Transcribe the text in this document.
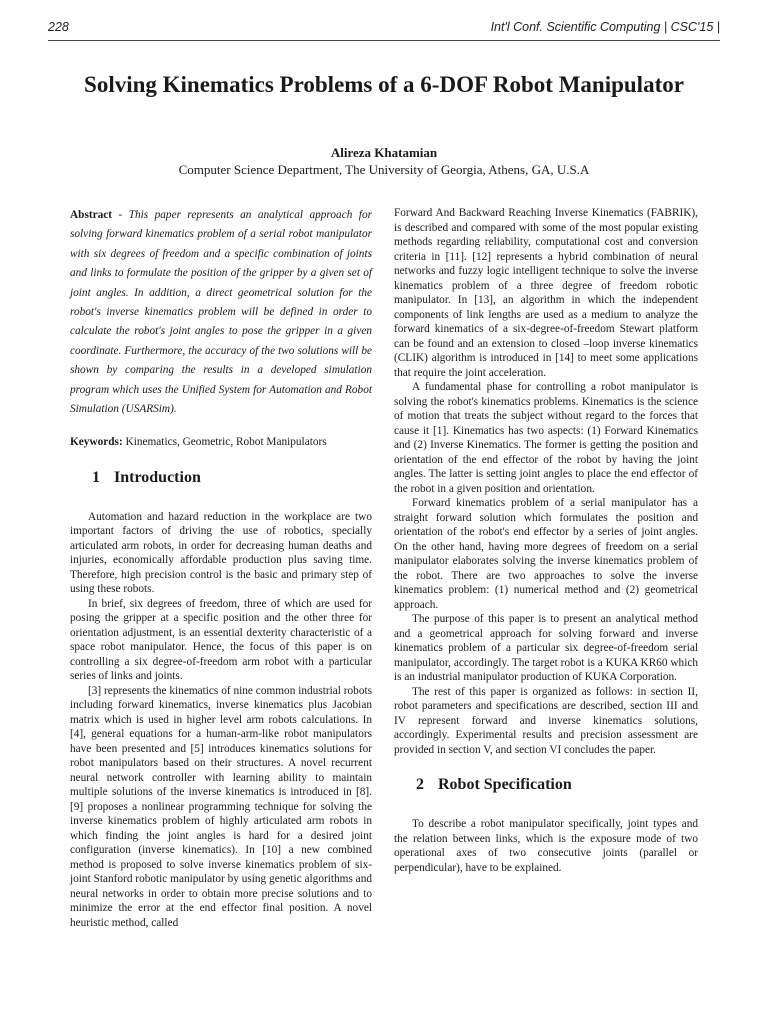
228	Int'l Conf. Scientific Computing | CSC'15 |
Solving Kinematics Problems of a 6-DOF Robot Manipulator
Alireza Khatamian
Computer Science Department, The University of Georgia, Athens, GA, U.S.A

Abstract - This paper represents an analytical approach for solving forward kinematics problem of a serial robot manipulator with six degrees of freedom and a specific combination of joints and links to formulate the position of the gripper by a given set of joint angles. In addition, a direct geometrical solution for the robot's inverse kinematics problem will be defined in order to calculate the robot's joint angles to pose the gripper in a given coordinate. Furthermore, the accuracy of the two solutions will be shown by comparing the results in a developed simulation program which uses the Unified System for Automation and Robot Simulation (USARSim).

Keywords: Kinematics, Geometric, Robot Manipulators

1 Introduction

Automation and hazard reduction in the workplace are two important factors of driving the use of robotics, specially articulated arm robots, in order for decreasing human deaths and injuries, economically affordable production plus saving time. Therefore, high precision control is the basic and primary step of using these robots.

In brief, six degrees of freedom, three of which are used for posing the gripper at a specific position and the other three for orientation adjustment, is an essential dexterity characteristic of a space robot manipulator. Hence, the focus of this paper is on controlling a six degree-of-freedom arm robot with a particular series of links and joints.

[3] represents the kinematics of nine common industrial robots including forward kinematics, inverse kinematics plus Jacobian matrix which is used in higher level arm robots calculations. In [4], general equations for a human-arm-like robot manipulators have been presented and [5] introduces kinematics solutions for robot manipulators based on their structures. A novel recurrent neural network controller with learning ability to maintain multiple solutions of the inverse kinematics is introduced in [8]. [9] proposes a nonlinear programming technique for solving the inverse kinematics problem of highly articulated arm robots in which finding the joint angles is hard for a desired joint configuration (inverse kinematics). In [10] a new combined method is proposed to solve inverse kinematics problem of six-joint Stanford robotic manipulator by using genetic algorithms and neural networks in order to obtain more precise solutions and to minimize the error at the end effector final position. A novel heuristic method, called

Forward And Backward Reaching Inverse Kinematics (FABRIK), is described and compared with some of the most popular existing methods regarding reliability, computational cost and conversion criteria in [11]. [12] represents a hybrid combination of neural networks and fuzzy logic intelligent technique to solve the inverse kinematics problem of a three degree of freedom robotic manipulator. In [13], an algorithm in which the independent components of link lengths are used as a medium to analyze the forward kinematics of a six-degree-of-freedom Stewart platform can be found and an extension to closed –loop inverse kinematics (CLIK) algorithm is introduced in [14] to meet some applications that require the joint acceleration.

A fundamental phase for controlling a robot manipulator is solving the robot's kinematics problems. Kinematics is the science of motion that treats the subject without regard to the forces that cause it [1]. Kinematics has two aspects: (1) Forward Kinematics and (2) Inverse Kinematics. The former is getting the position and orientation of the end effector of the robot by having the joint angles. The latter is setting joint angles to place the end effector of the robot in a given position and orientation.

Forward kinematics problem of a serial manipulator has a straight forward solution which formulates the position and orientation of the robot's end effector by a series of joint angles. On the other hand, having more degrees of freedom on a serial manipulator elaborates solving the inverse kinematics problem of the robot. There are two approaches to solve the inverse kinematics problem: (1) numerical method and (2) geometrical approach.

The purpose of this paper is to present an analytical method and a geometrical approach for solving forward and inverse kinematics problem of a particular six degree-of-freedom serial manipulator, accordingly. The target robot is a KUKA KR60 which is an industrial manipulator production of KUKA Corporation.

The rest of this paper is organized as follows: in section II, robot parameters and specifications are described, section III and IV represent forward and inverse kinematics solutions, accordingly. Experimental results and precision assessment are provided in section V, and section VI concludes the paper.

2 Robot Specification

To describe a robot manipulator specifically, joint types and the relation between links, which is the exposure mode of two operational axes of two consecutive joints (parallel or perpendicular), have to be explained.
